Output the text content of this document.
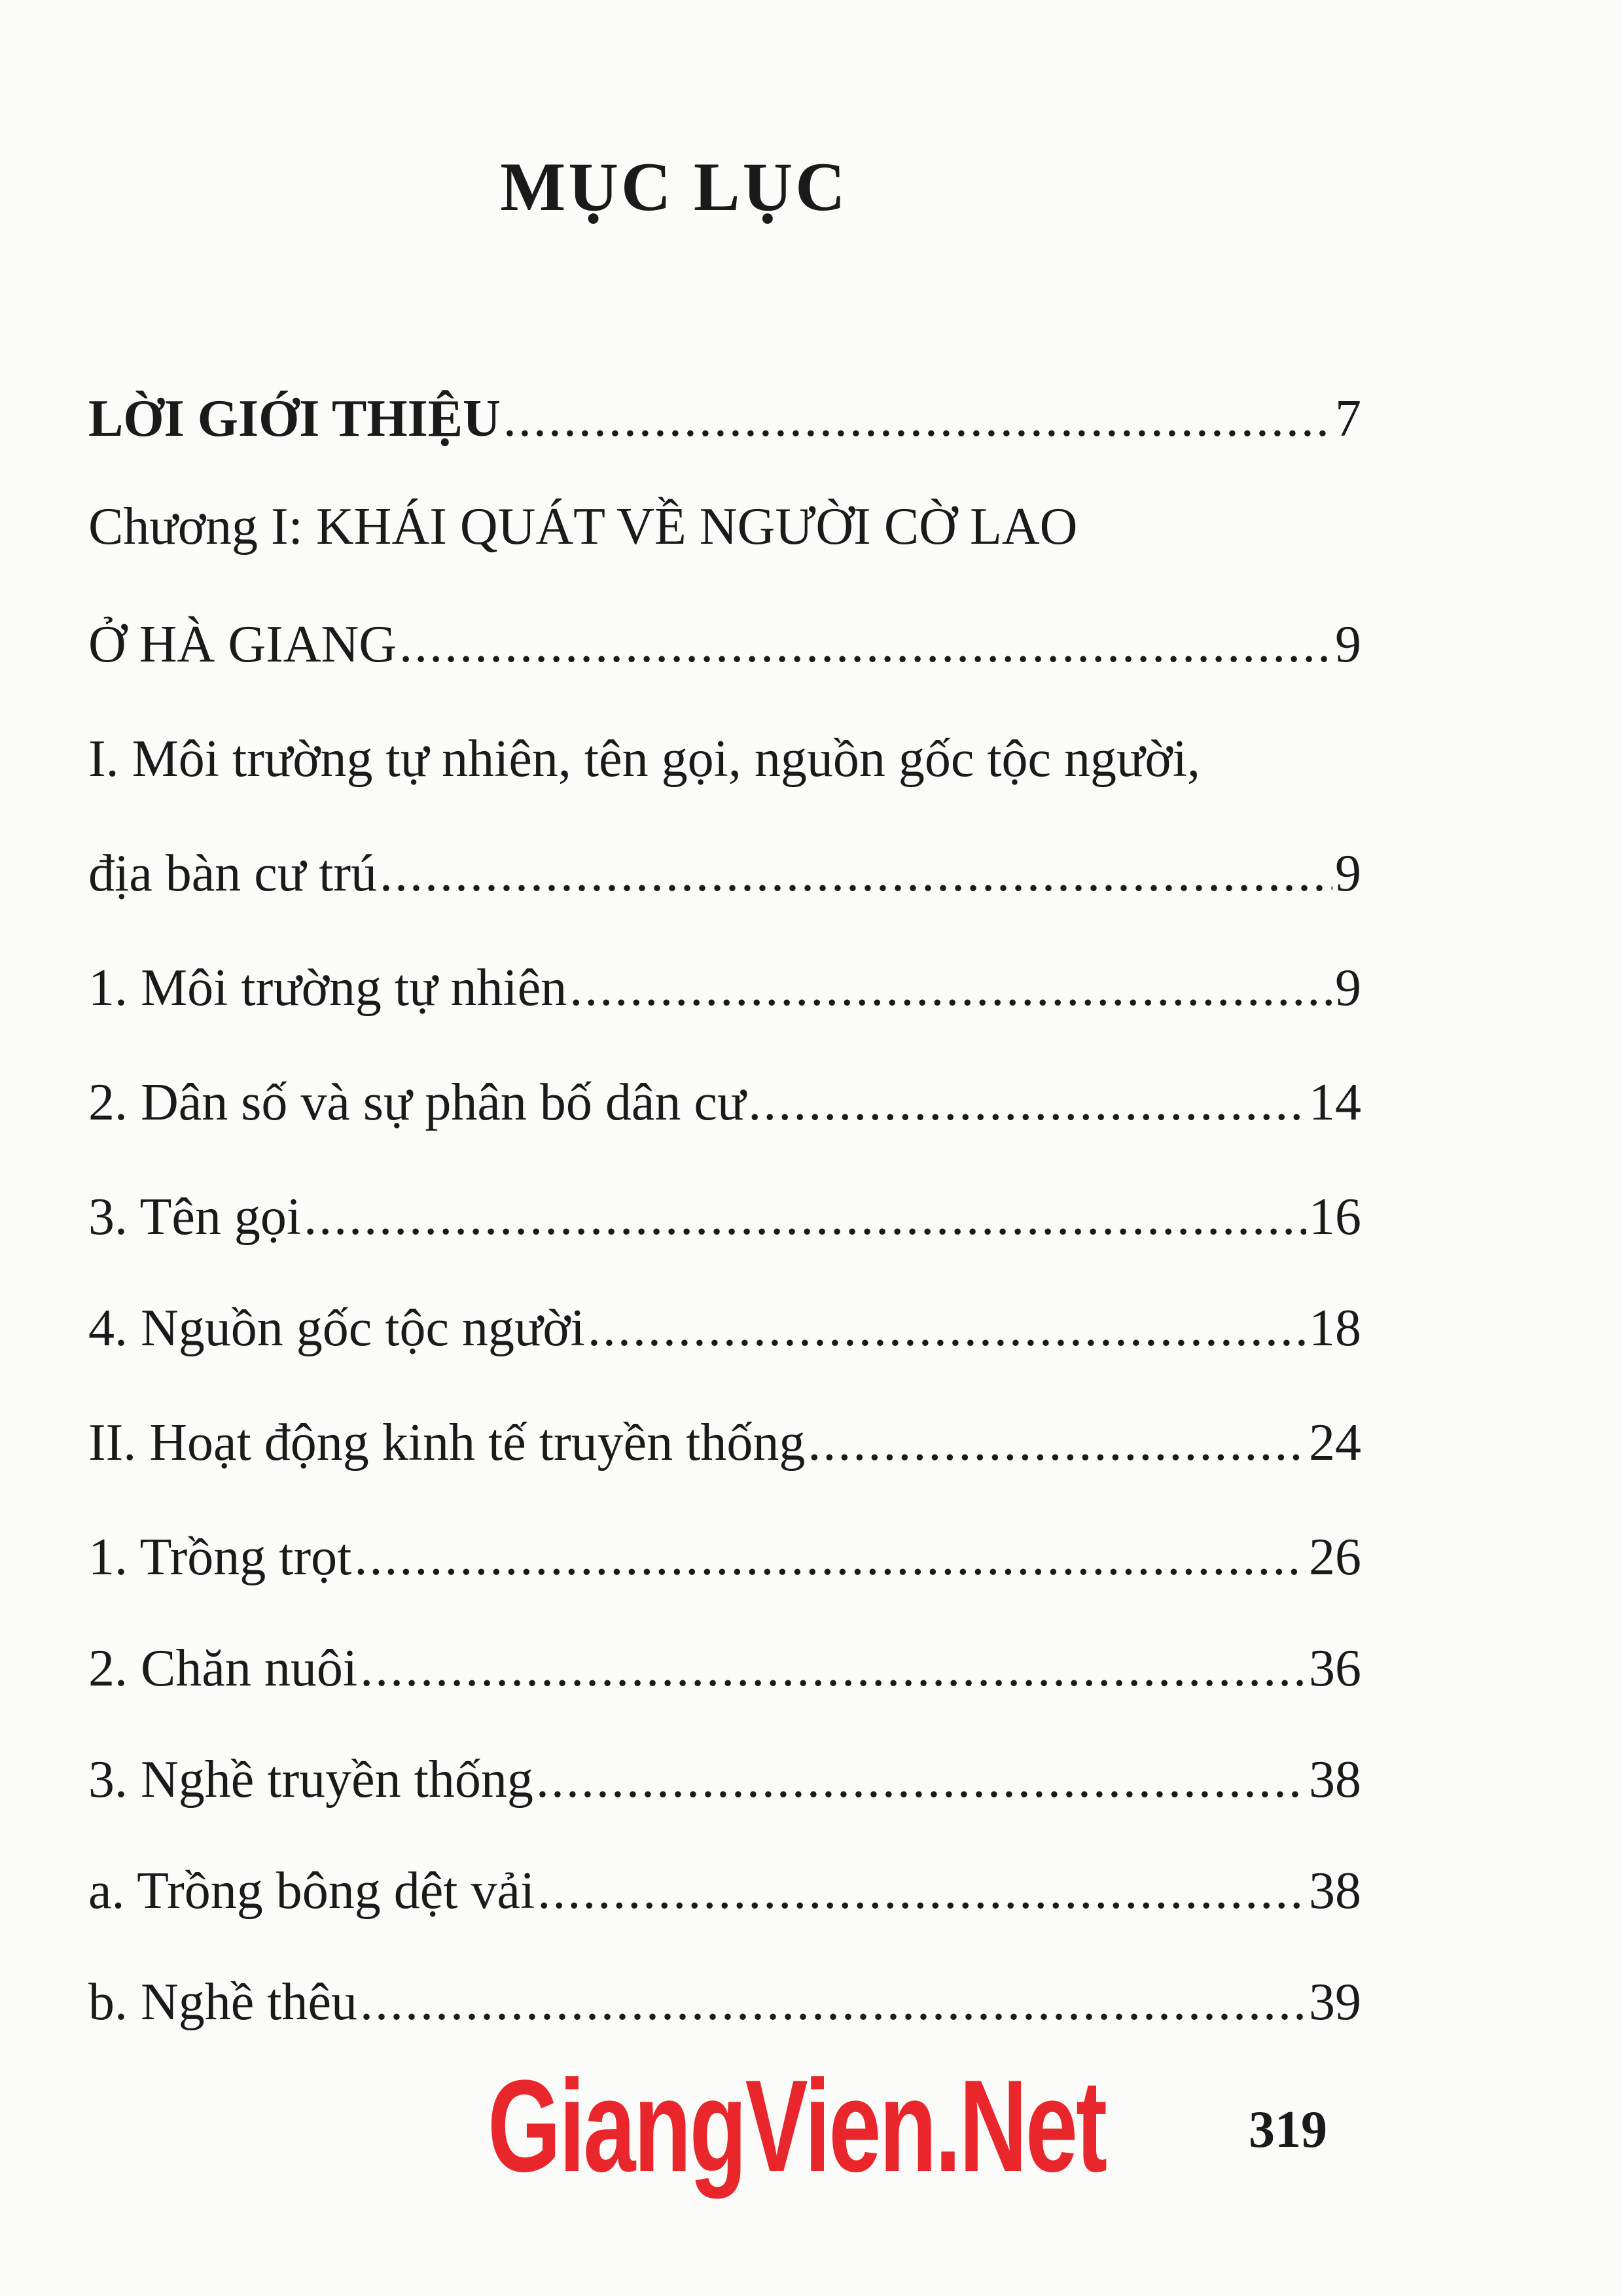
MỤC LỤC
LỜI GIỚI THIỆU .....	7
Chương I: KHÁI QUÁT VỀ NGƯỜI CỜ LAO
Ở HÀ GIANG .....	9
I. Môi trường tự nhiên, tên gọi, nguồn gốc tộc người,
địa bàn cư trú .....	9
1. Môi trường tự nhiên .....	9
2. Dân số và sự phân bố dân cư .....	14
3. Tên gọi .....	16
4. Nguồn gốc tộc người .....	18
II. Hoạt động kinh tế truyền thống .....	24
1. Trồng trọt .....	26
2. Chăn nuôi .....	36
3. Nghề truyền thống .....	38
a. Trồng bông dệt vải .....	38
b. Nghề thêu .....	39
GiangVien.Net	319
